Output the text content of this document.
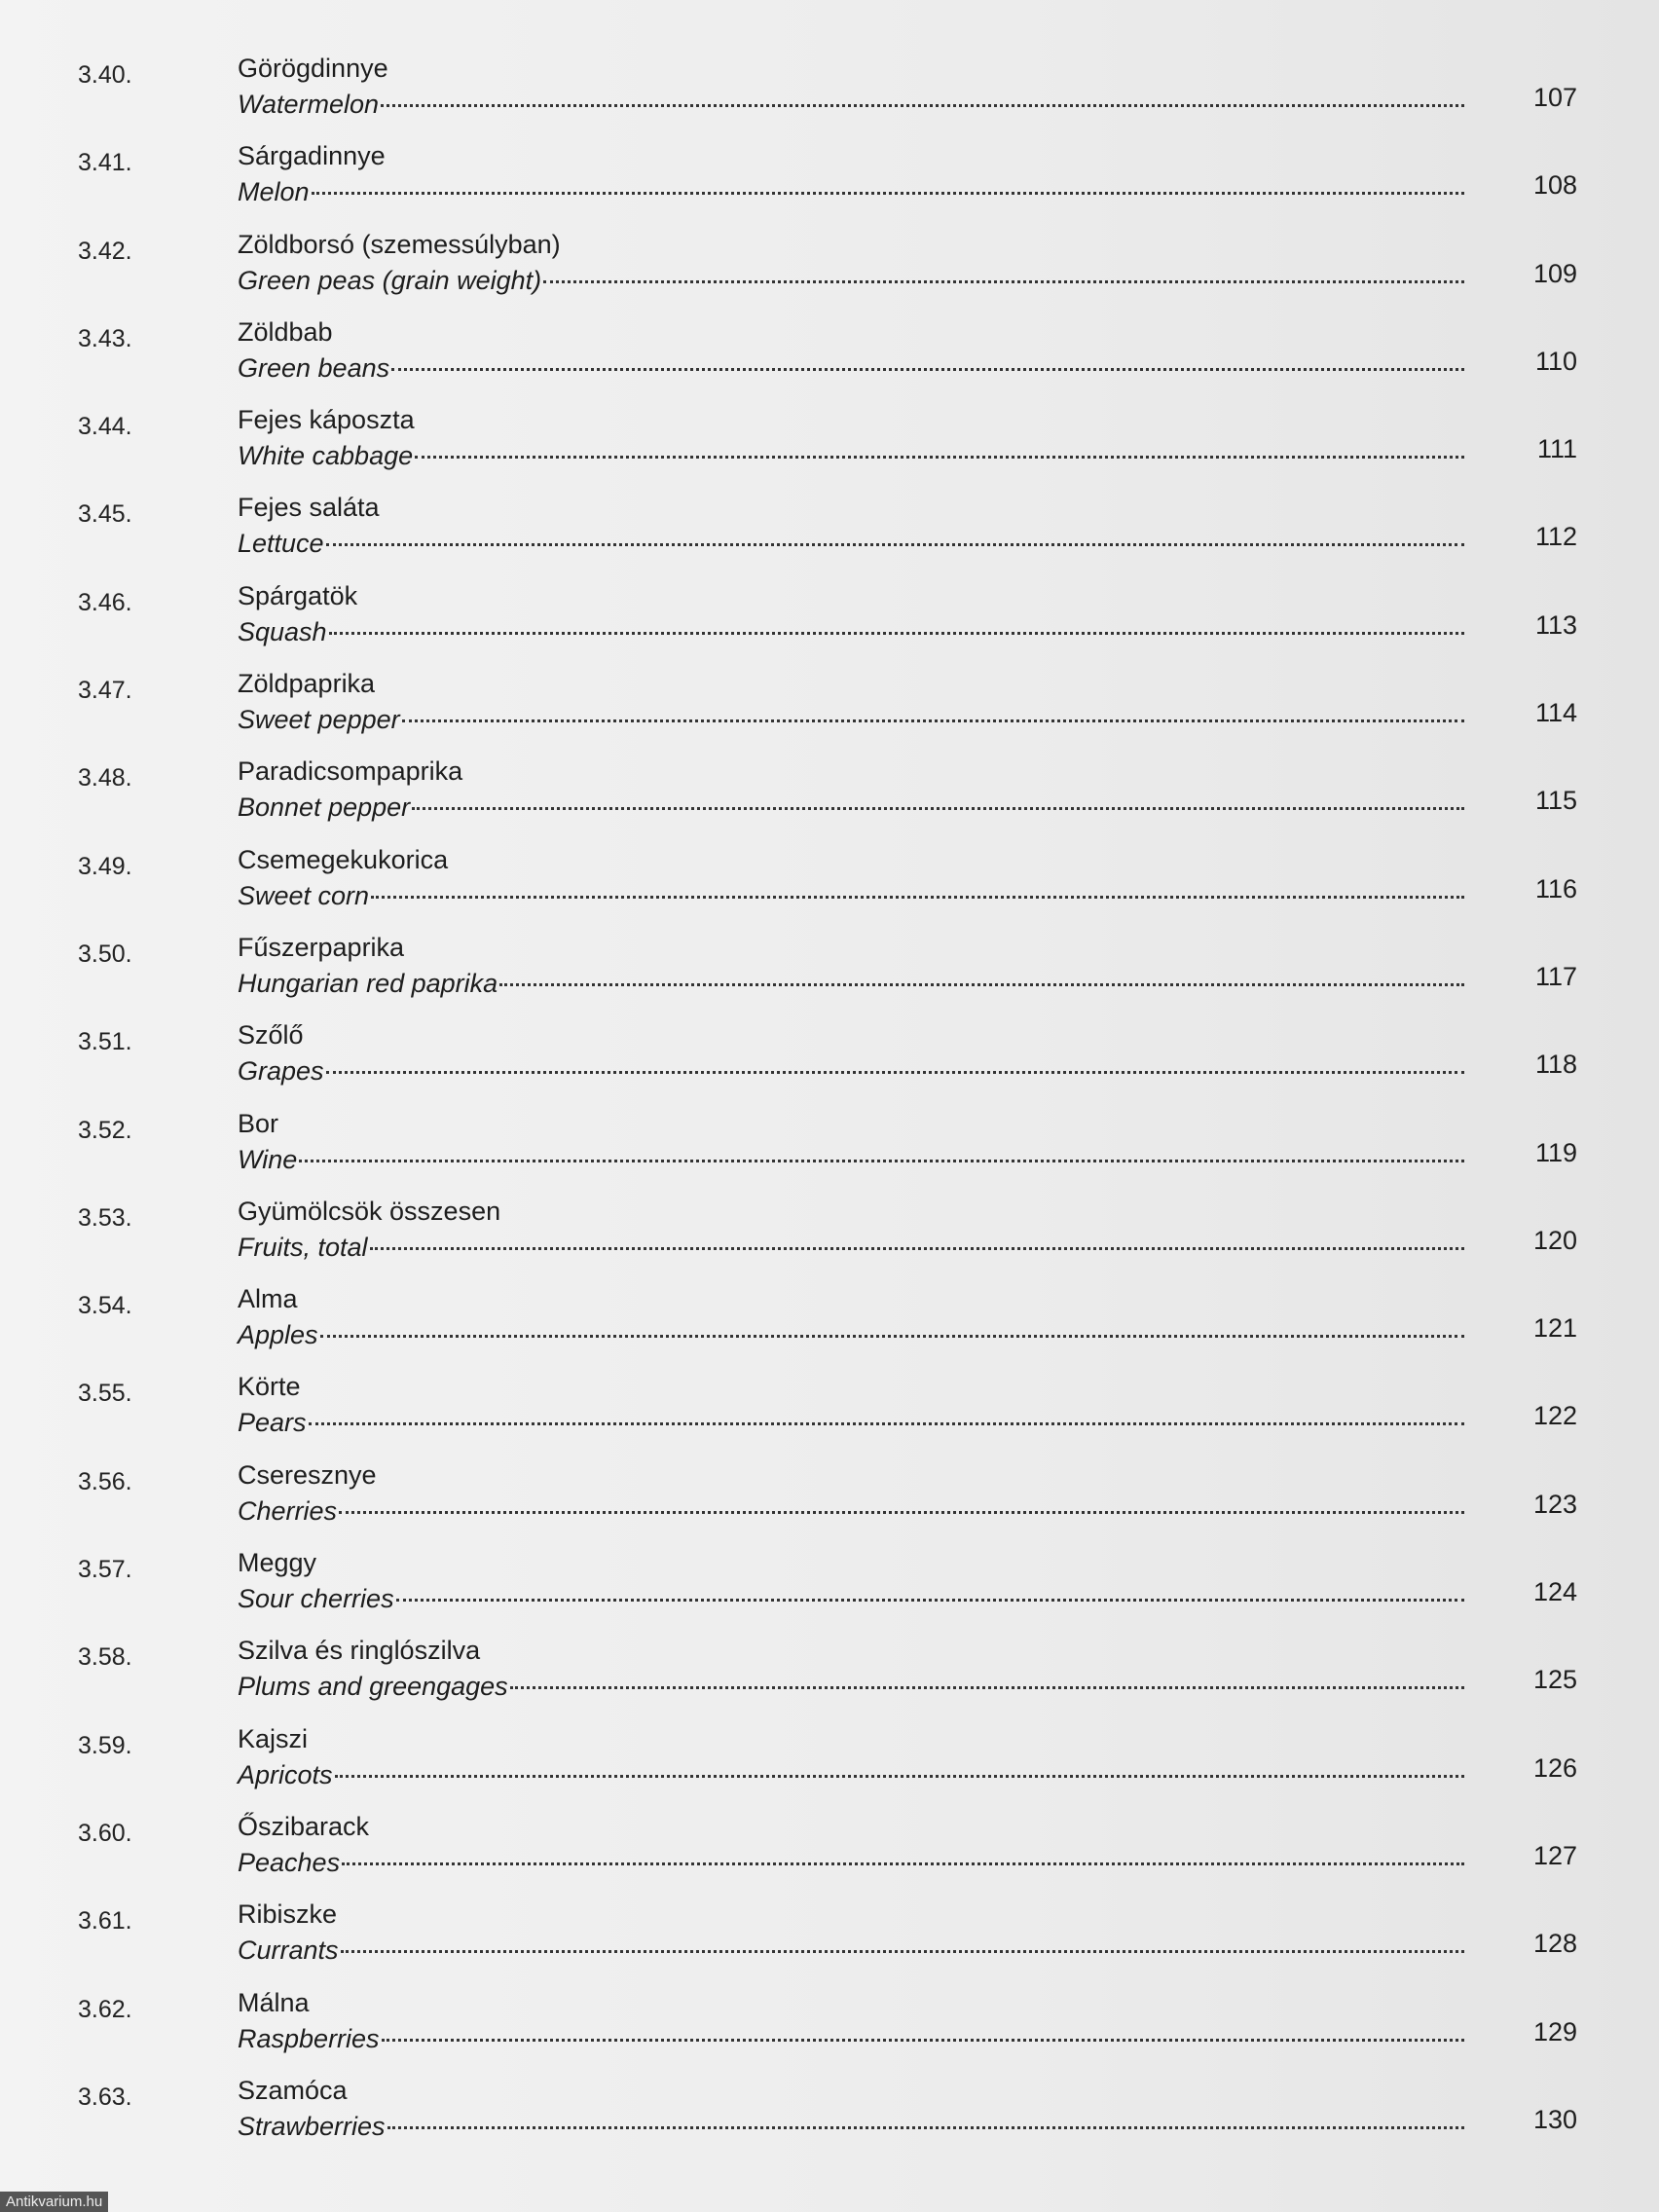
3.40.	Görögdinnye
Watermelon	107
3.41.	Sárgadinnye
Melon	108
3.42.	Zöldborsó (szemessúlyban)
Green peas (grain weight)	109
3.43.	Zöldbab
Green beans	110
3.44.	Fejes káposzta
White cabbage	111
3.45.	Fejes saláta
Lettuce	112
3.46.	Spárgatök
Squash	113
3.47.	Zöldpaprika
Sweet pepper	114
3.48.	Paradicsompaprika
Bonnet pepper	115
3.49.	Csemegekukorica
Sweet corn	116
3.50.	Fűszerpaprika
Hungarian red paprika	117
3.51.	Szőlő
Grapes	118
3.52.	Bor
Wine	119
3.53.	Gyümölcsök összesen
Fruits, total	120
3.54.	Alma
Apples	121
3.55.	Körte
Pears	122
3.56.	Cseresznye
Cherries	123
3.57.	Meggy
Sour cherries	124
3.58.	Szilva és ringlószilva
Plums and greengages	125
3.59.	Kajszi
Apricots	126
3.60.	Őszibarack
Peaches	127
3.61.	Ribiszke
Currants	128
3.62.	Málna
Raspberries	129
3.63.	Szamóca
Strawberries	130
Antikvarium.hu
